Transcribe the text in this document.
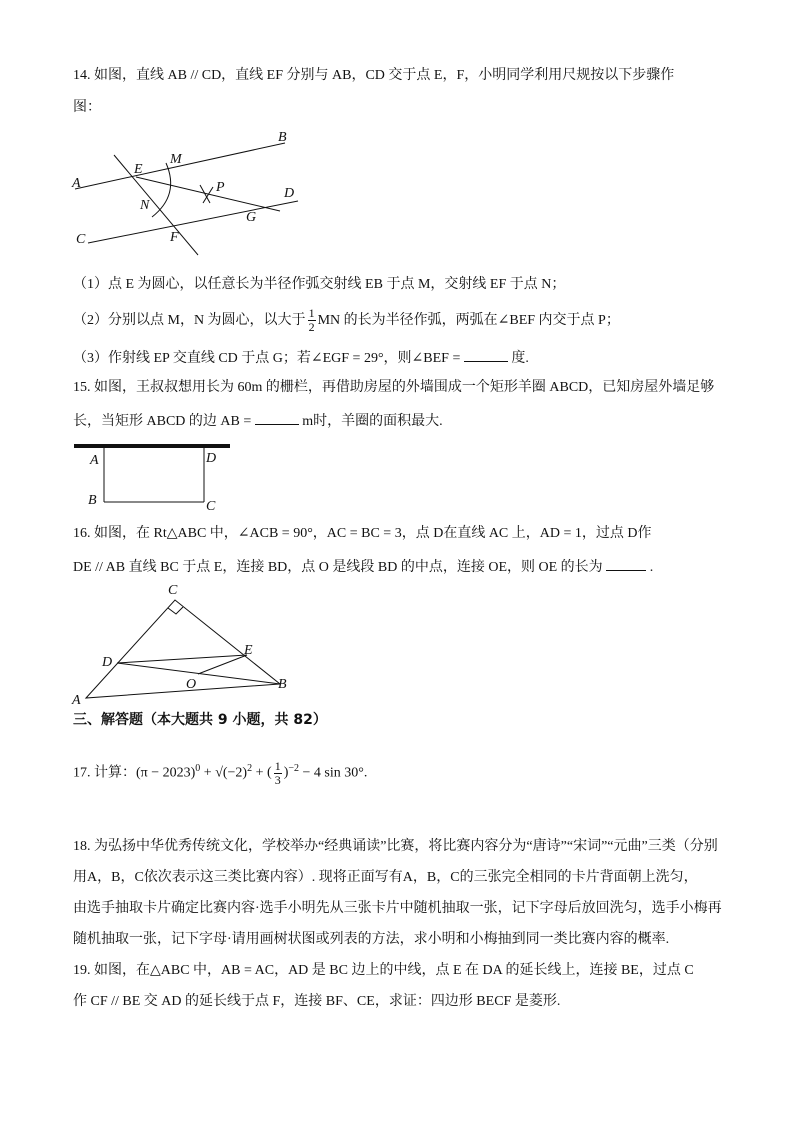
14. 如图，直线 AB // CD，直线 EF 分别与 AB，CD 交于点 E，F，小明同学利用尺规按以下步骤作
图：
A
B
C
D
E
F
G
M
N
P
（1）点 E 为圆心，以任意长为半径作弧交射线 EB 于点 M，交射线 EF 于点 N；
（2）分别以点 M，N 为圆心，以大于 $\frac{1}{2}$ MN 的长为半径作弧，两弧在∠BEF 内交于点 P；
（3）作射线 EP 交直线 CD 于点 G；若∠EGF = 29°，则∠BEF =	度.
15. 如图，王叔叔想用长为 60m 的栅栏，再借助房屋的外墙围成一个矩形羊圈 ABCD，已知房屋外墙足够
长，当矩形 ABCD 的边 AB =	m时，羊圈的面积最大.
A
B	C
D
16. 如图，在 Rt△ABC 中，∠ACB = 90°，AC = BC = 3，点 D在直线 AC 上，AD = 1，过点 D作
DE // AB 直线 BC 于点 E，连接 BD，点 O 是线段 BD 的中点，连接 OE，则 OE 的长为	.
A
B
C
D
E
O
三、解答题（本大题共 9 小题，共 82）
17. 计算：$(\pi - 2023)^0 + √(-2)^2$ + ( $\frac{1}{3} )^{-2} - 4$ sin 30°.
18. 为弘扬中华优秀传统文化，学校举办“经典诵读”比赛，将比赛内容分为“唐诗”“宋词”“元曲”三类（分别
用A，B，C依次表示这三类比赛内容）. 现将正面写有A，B，C的三张完全相同的卡片背面朝上洗匀，
由选手抽取卡片确定比赛内容·选手小明先从三张卡片中随机抽取一张，记下字母后放回洗匀，选手小梅再
随机抽取一张，记下字母·请用画树状图或列表的方法，求小明和小梅抽到同一类比赛内容的概率.
19. 如图，在△ABC 中，AB = AC，AD 是 BC 边上的中线，点 E 在 DA 的延长线上，连接 BE，过点 C
作 CF // BE 交 AD 的延长线于点 F，连接 BF、CE，求证：四边形 BECF 是菱形.
